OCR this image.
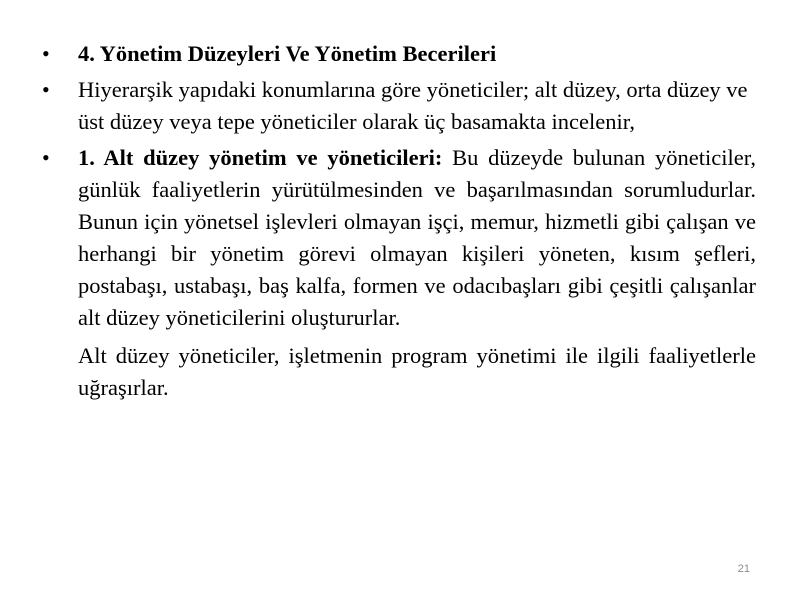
• 4. Yönetim Düzeyleri Ve Yönetim Becerileri
• Hiyerarşik yapıdaki konumlarına göre yöneticiler; alt düzey, orta düzey ve üst düzey veya tepe yöneticiler olarak üç basamakta incelenir,
• 1. Alt düzey yönetim ve yöneticileri: Bu düzeyde bulunan yöneticiler, günlük faaliyetlerin yürütülmesinden ve başarılmasından sorumludurlar. Bunun için yönetsel işlevleri olmayan işçi, memur, hizmetli gibi çalışan ve herhangi bir yönetim görevi olmayan kişileri yöneten, kısım şefleri, postabaşı, ustabaşı, baş kalfa, formen ve odacıbaşları gibi çeşitli çalışanlar alt düzey yöneticilerini oluştururlar.
Alt düzey yöneticiler, işletmenin program yönetimi ile ilgili faaliyetlerle uğraşırlar.
21
